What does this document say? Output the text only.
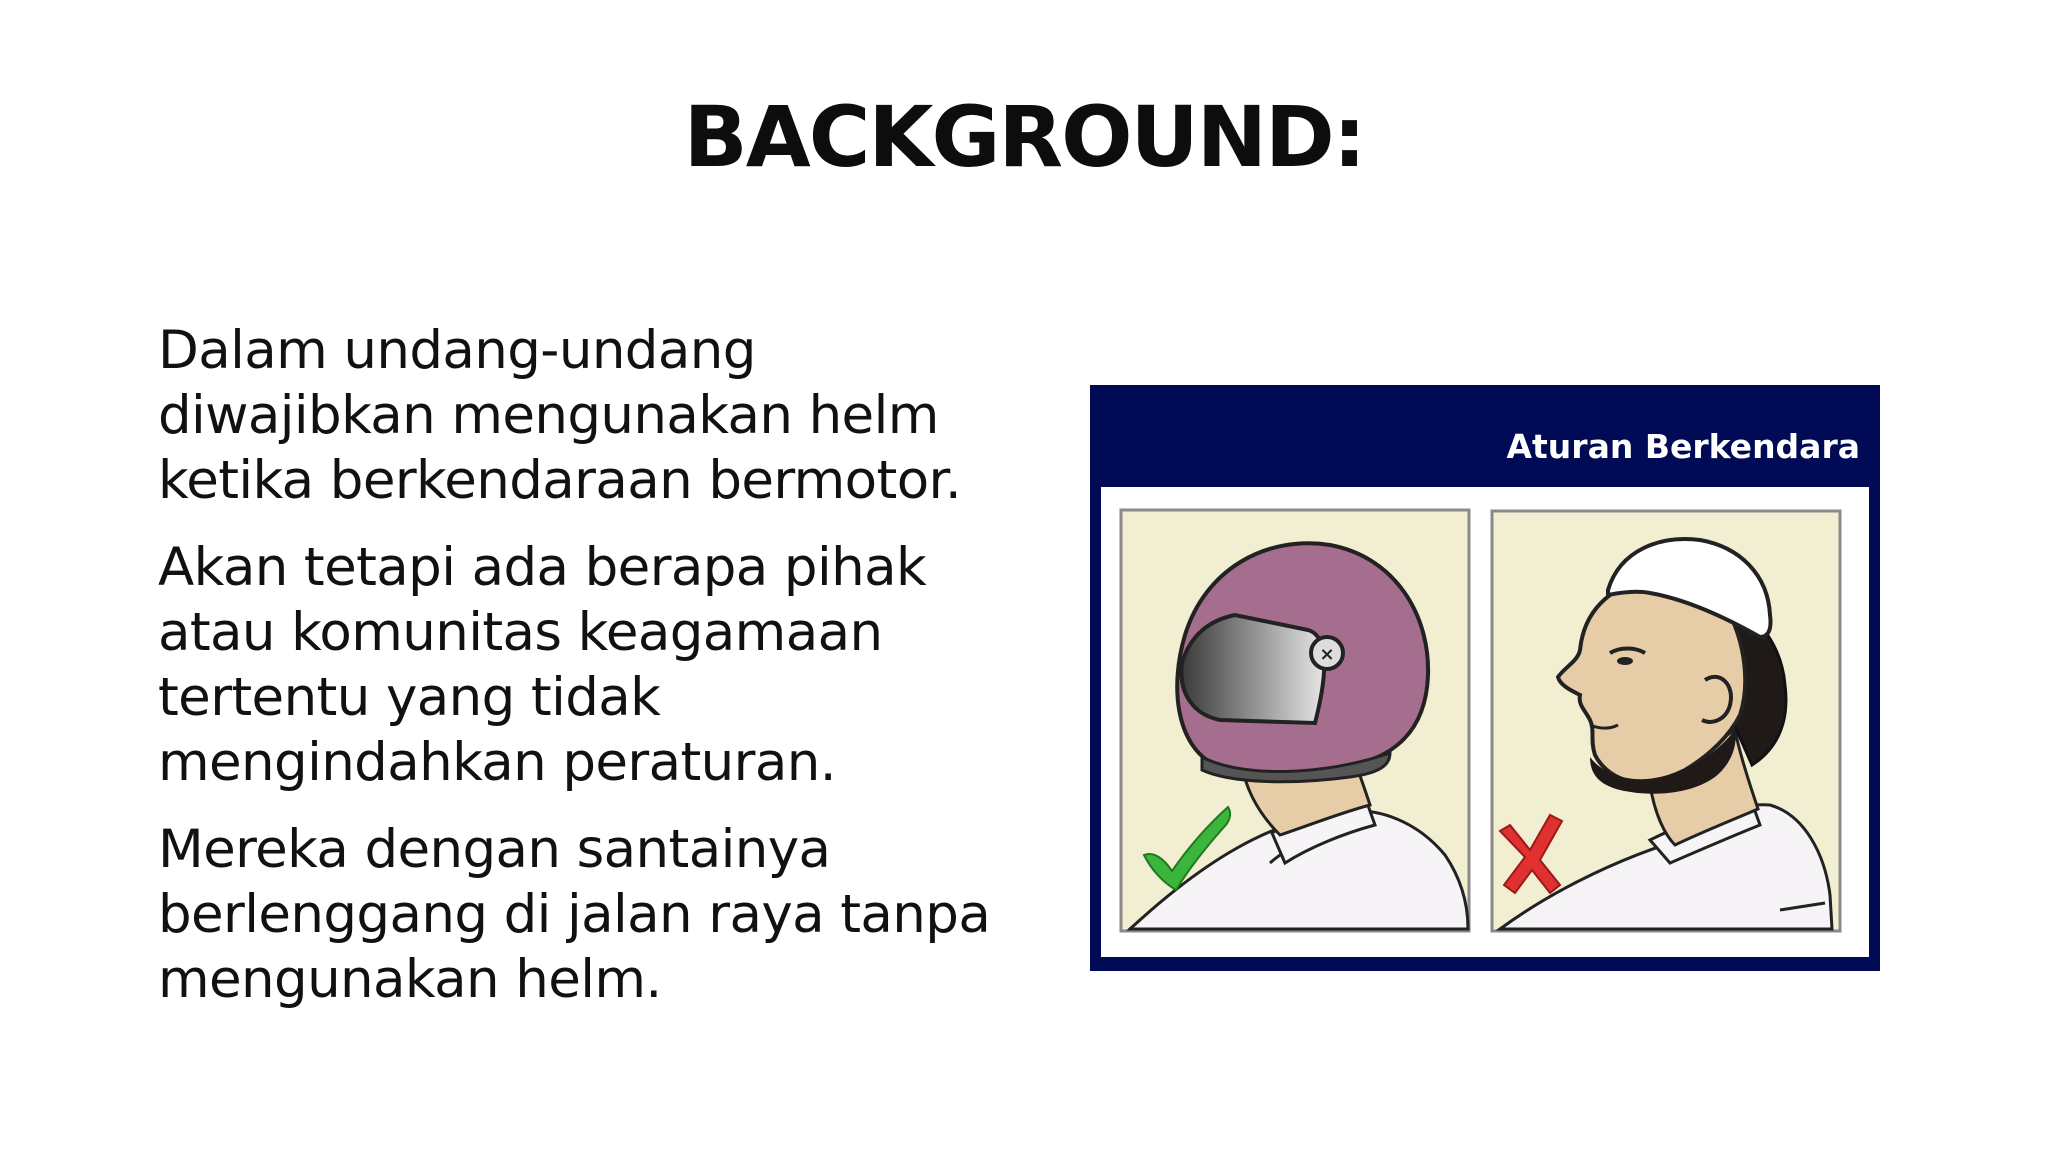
BACKGROUND:

Dalam undang-undang
diwajibkan mengunakan helm
ketika berkendaraan bermotor.

Akan tetapi ada berapa pihak
atau komunitas keagamaan
tertentu yang tidak
mengindahkan peraturan.

Mereka dengan santainya
berlenggang di jalan raya tanpa
mengunakan helm.

Aturan Berkendara
×
